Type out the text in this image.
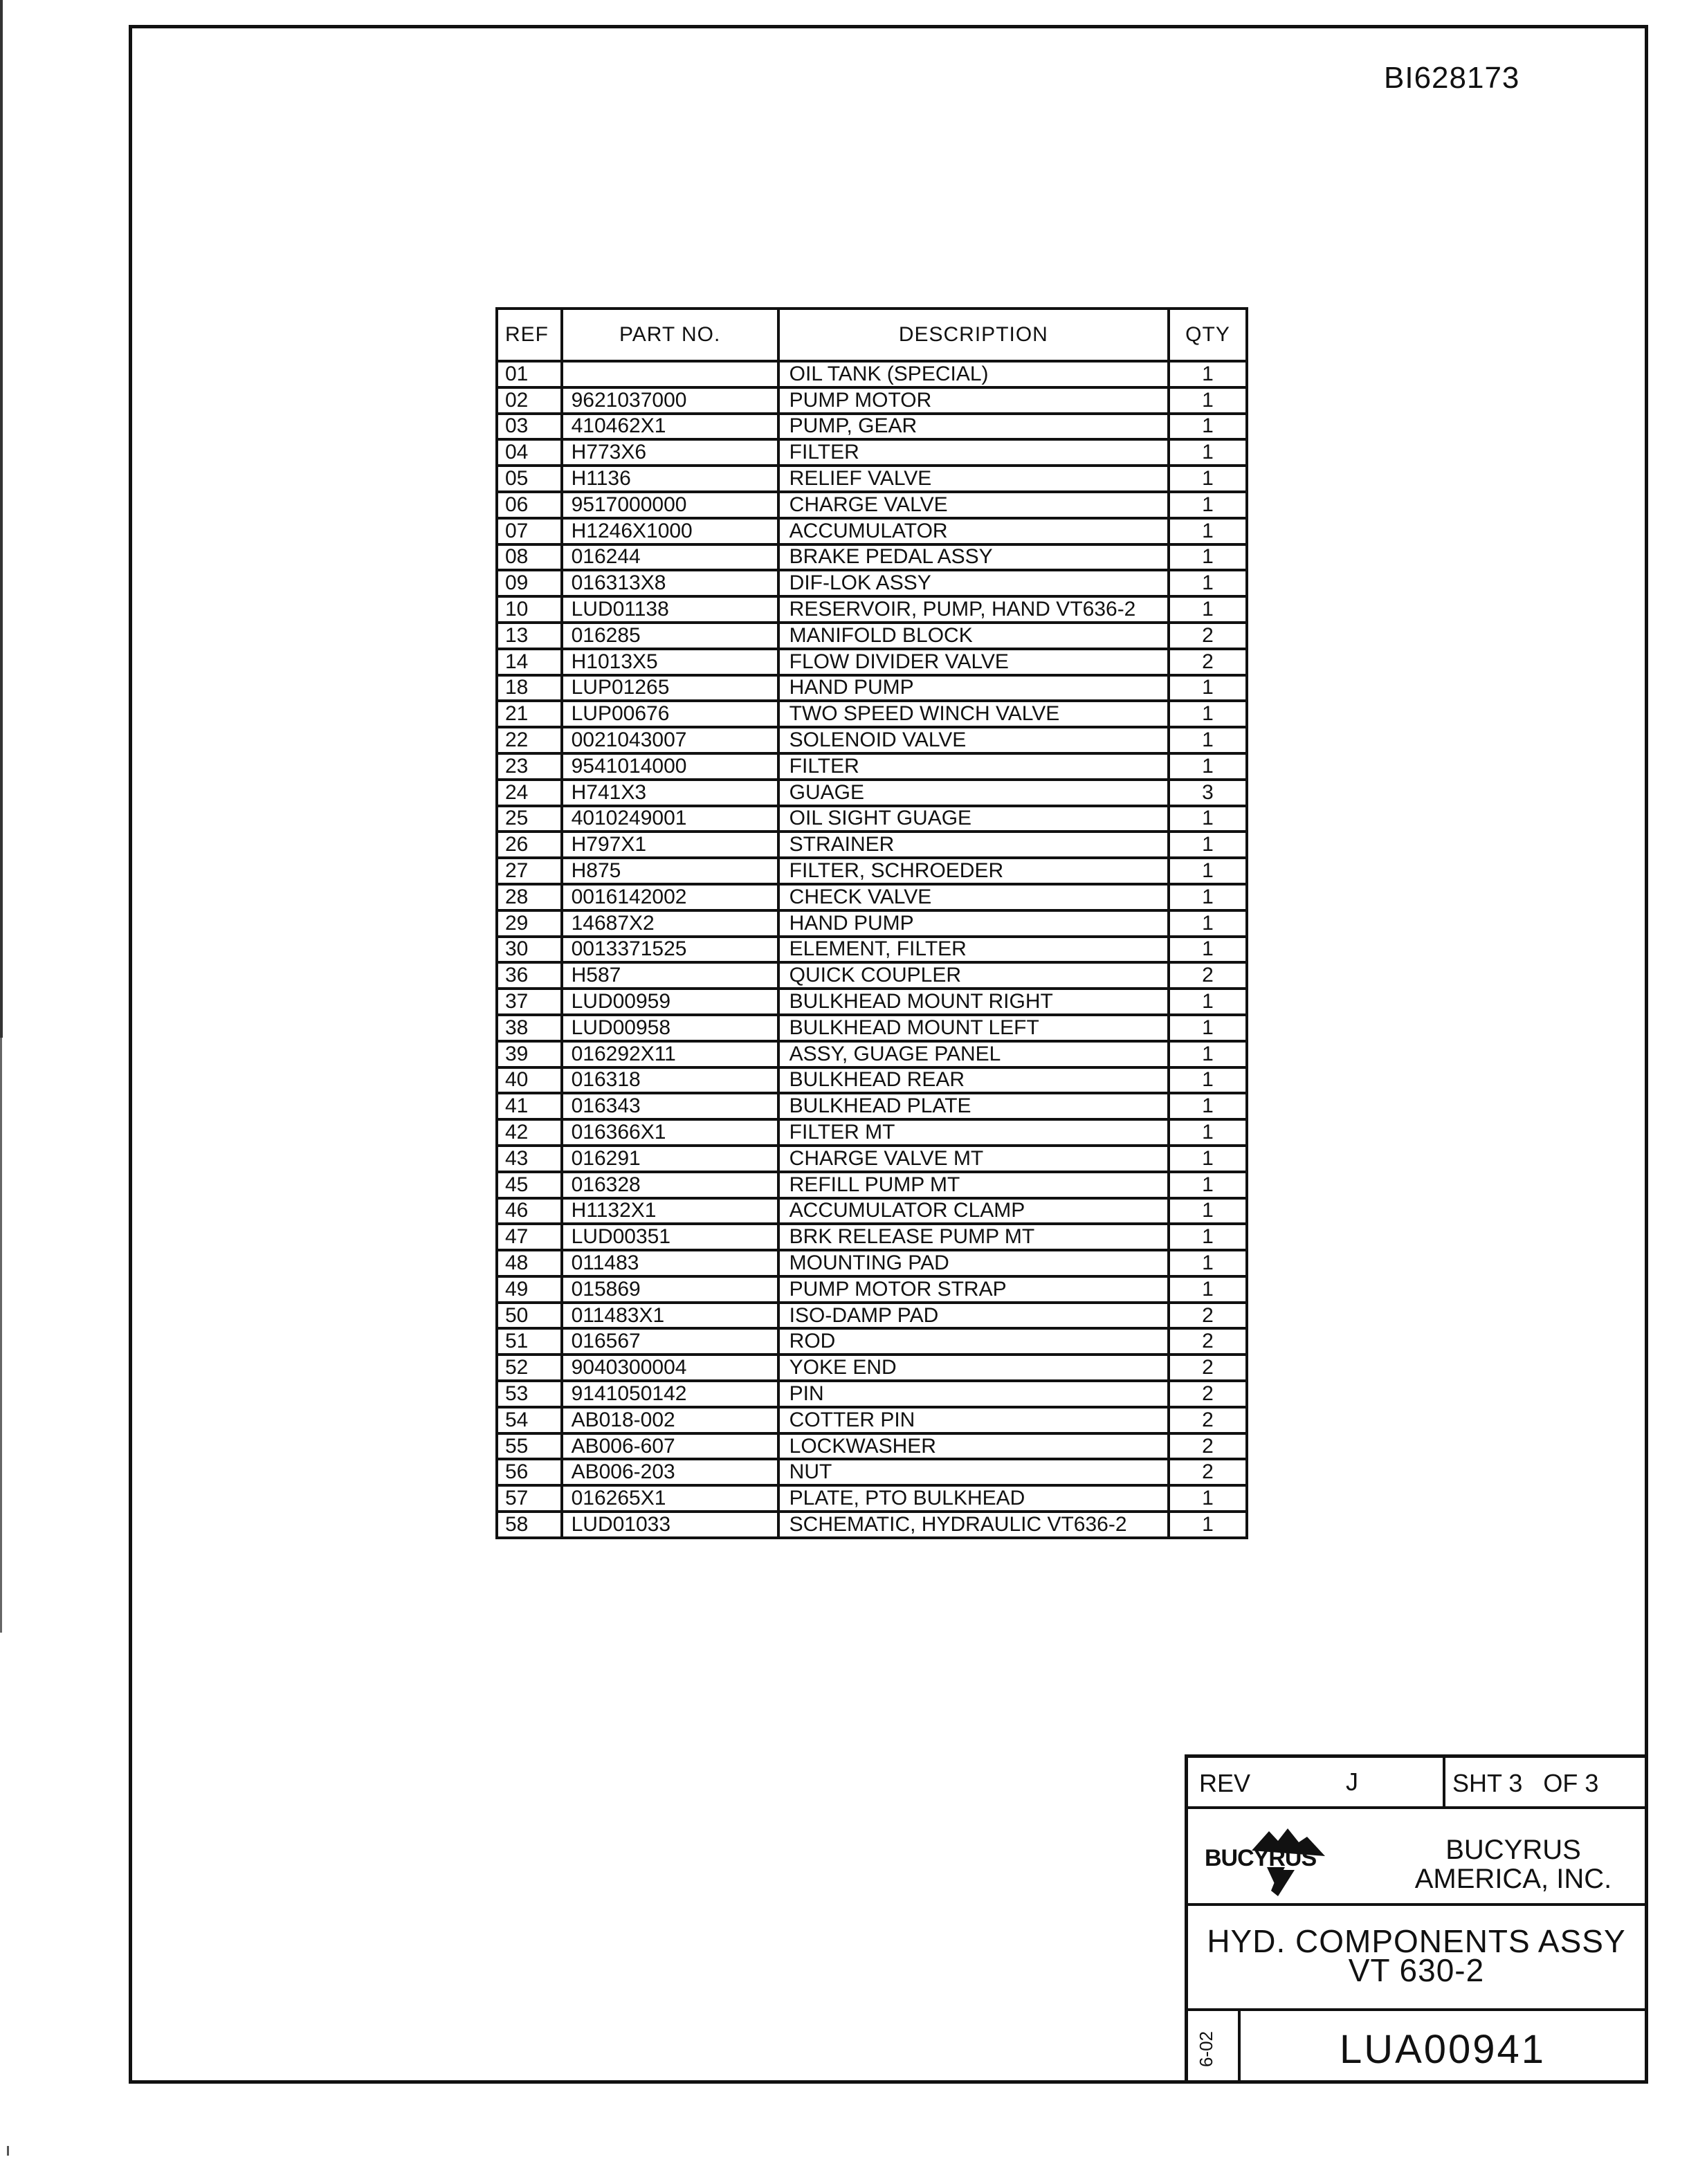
BI628173
REF	PART NO.	DESCRIPTION	QTY
01		OIL TANK (SPECIAL)	1
02	9621037000	PUMP MOTOR	1
03	410462X1	PUMP, GEAR	1
04	H773X6	FILTER	1
05	H1136	RELIEF VALVE	1
06	9517000000	CHARGE VALVE	1
07	H1246X1000	ACCUMULATOR	1
08	016244	BRAKE PEDAL ASSY	1
09	016313X8	DIF-LOK ASSY	1
10	LUD01138	RESERVOIR, PUMP, HAND VT636-2	1
13	016285	MANIFOLD BLOCK	2
14	H1013X5	FLOW DIVIDER VALVE	2
18	LUP01265	HAND PUMP	1
21	LUP00676	TWO SPEED WINCH VALVE	1
22	0021043007	SOLENOID VALVE	1
23	9541014000	FILTER	1
24	H741X3	GUAGE	3
25	4010249001	OIL SIGHT GUAGE	1
26	H797X1	STRAINER	1
27	H875	FILTER, SCHROEDER	1
28	0016142002	CHECK VALVE	1
29	14687X2	HAND PUMP	1
30	0013371525	ELEMENT, FILTER	1
36	H587	QUICK COUPLER	2
37	LUD00959	BULKHEAD MOUNT RIGHT	1
38	LUD00958	BULKHEAD MOUNT LEFT	1
39	016292X11	ASSY, GUAGE PANEL	1
40	016318	BULKHEAD REAR	1
41	016343	BULKHEAD PLATE	1
42	016366X1	FILTER MT	1
43	016291	CHARGE VALVE MT	1
45	016328	REFILL PUMP MT	1
46	H1132X1	ACCUMULATOR CLAMP	1
47	LUD00351	BRK RELEASE PUMP MT	1
48	011483	MOUNTING PAD	1
49	015869	PUMP MOTOR STRAP	1
50	011483X1	ISO-DAMP PAD	2
51	016567	ROD	2
52	9040300004	YOKE END	2
53	9141050142	PIN	2
54	AB018-002	COTTER PIN	2
55	AB006-607	LOCKWASHER	2
56	AB006-203	NUT	2
57	016265X1	PLATE, PTO BULKHEAD	1
58	LUD01033	SCHEMATIC, HYDRAULIC VT636-2	1
REV	J	SHT 3   OF 3
BUCYRUS	BUCYRUS
AMERICA, INC.
HYD. COMPONENTS ASSY
VT 630-2
6-02	LUA00941
